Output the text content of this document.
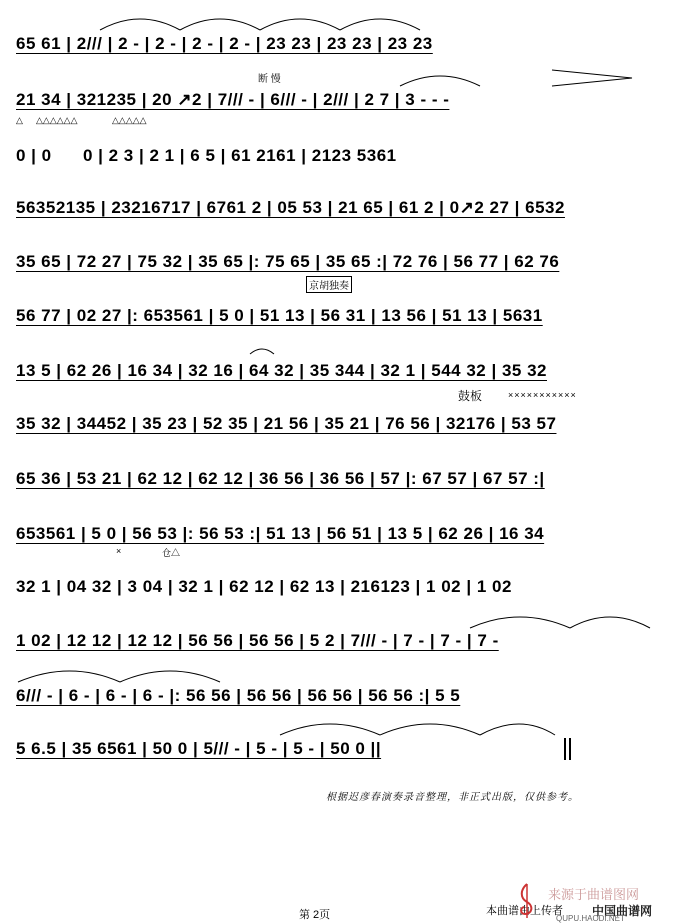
65 61 | 2/// | 2 - | 2 - | 2 - | 2 - | 23 23 | 23 23 | 23 23
21 34 | 321235 | 20 ↗2 | 7/// - | 6/// - | 2/// | 2 7 | 3 - - -
0 | 0      0 | 2 3 | 2 1 | 6 5 | 61 2161 | 2123 5361
56352135 | 23216717 | 6761 2 | 05 53 | 21 65 | 61 2 | 0↗2 27 | 6532
35 65 | 72 27 | 75 32 | 35 65 |: 75 65 | 35 65 :| 72 76 | 56 77 | 62 76
56 77 | 02 27 |: 653561 | 5 0 | 51 13 | 56 31 | 13 56 | 51 13 | 5631
13 5 | 62 26 | 16 34 | 32 16 | 64 32 | 35 344 | 32 1 | 544 32 | 35 32
35 32 | 34452 | 35 23 | 52 35 | 21 56 | 35 21 | 76 56 | 32176 | 53 57
65 36 | 53 21 | 62 12 | 62 12 | 36 56 | 36 56 | 57 |: 67 57 | 67 57 :|
653561 | 5 0 | 56 53 |: 56 53 :| 51 13 | 56 51 | 13 5 | 62 26 | 16 34
32 1 | 04 32 | 3 04 | 32 1 | 62 12 | 62 13 | 216123 | 1 02 | 1 02
1 02 | 12 12 | 12 12 | 56 56 | 56 56 | 5 2 | 7/// - | 7 - | 7 - | 7 -
6/// - | 6 - | 6 - | 6 - |: 56 56 | 56 56 | 56 56 | 56 56 :| 5 5
5 6.5 | 35 6561 | 50 0 | 5/// - | 5 - | 5 - | 50 0 ||
断 慢
△ △△△△△△	△△△△△
京胡独奏
鼓板	×××××××××××
×	仓△
根据迟彦春演奏录音整理，非正式出版，仅供参考。
第 2页	本曲谱由上传者
来源于曲谱图网
中国曲谱网
QUPU.HAODI.NET
